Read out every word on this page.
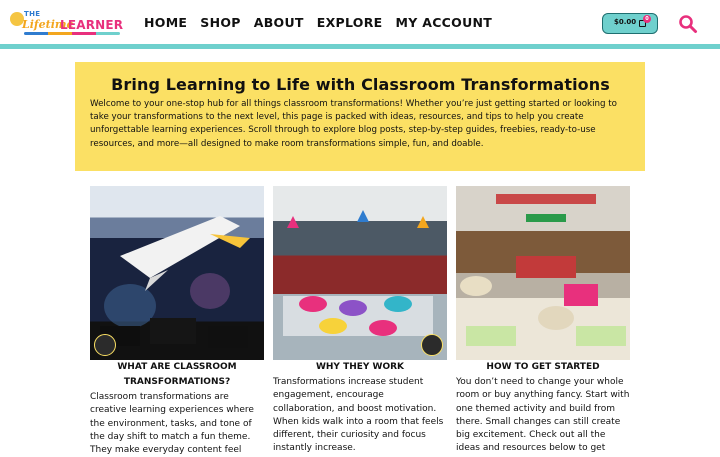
THE
Lifetime
LEARNER HOME SHOP ABOUT EXPLORE MY ACCOUNT	$0.00	0
Bring Learning to Life with Classroom Transformations

Welcome to your one-stop hub for all things classroom transformations! Whether you’re just getting started or looking to take your transformations to the next level, this page is packed with ideas, resources, and tips to help you create unforgettable learning experiences. Scroll through to explore blog posts, step-by-step guides, freebies, ready-to-use resources, and more—all designed to make room transformations simple, fun, and doable.

WHAT ARE CLASSROOM TRANSFORMATIONS?

Classroom transformations are creative learning experiences where the environment, tasks, and tone of the day shift to match a fun theme. They make everyday content feel

WHY THEY WORK

Transformations increase student engagement, encourage collaboration, and boost motivation. When kids walk into a room that feels different, their curiosity and focus instantly increase.

HOW TO GET STARTED

You don’t need to change your whole room or buy anything fancy. Start with one themed activity and build from there. Small changes can still create big excitement. Check out all the ideas and resources below to get
